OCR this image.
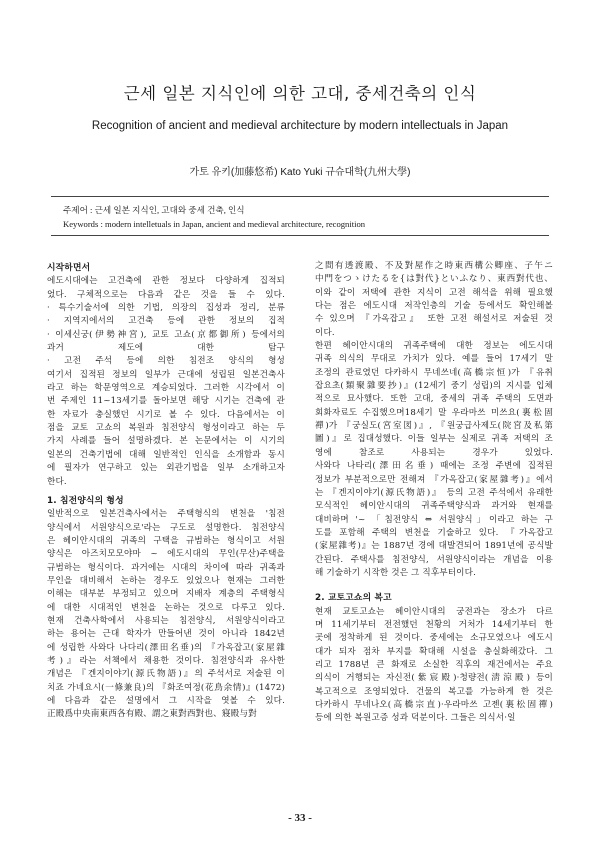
근세 일본 지식인에 의한 고대, 중세건축의 인식
Recognition of ancient and medieval architecture by modern intellectuals in Japan
가토 유키(加藤悠希) Kato Yuki 규슈대학(九州大學)
주제어 : 근세 일본 지식인, 고대와 중세 건축, 인식
Keywords : modern intelletuals in Japan, ancient and medieval architecture, recognition
시작하면서
에도시대에는 고건축에 관한 정보다 다양하게 집적되
었다. 구체적으로는 다음과 같은 것을 들 수 있다.
· 특수기술서에 의한 기법, 의장의 집성과 정리, 분류
· 지역지에서의 고건축 등에 관한 정보의 집적
· 이세신궁(伊勢神宮), 교토 고쇼(京都御所) 등에서의
과거 제도에 대한 탐구
· 고전 주석 등에 의한 침전조 양식의 형성
여기서 집적된 정보의 일부가 근대에 성립된 일본건축사
라고 하는 학문영역으로 계승되었다. 그러한 시각에서 이
번 주제인 11~13세기를 돌아보면 해당 시기는 건축에 관
한 자료가 충실했던 시기로 볼 수 있다. 다음에서는 이
점을 교토 고쇼의 복원과 침전양식 형성이라고 하는 두
가지 사례를 들어 설명하겠다. 본 논문에서는 이 시기의
일본의 건축기법에 대해 일반적인 인식을 소개함과 동시
에 필자가 연구하고 있는 외관기법을 일부 소개하고자
한다.
1. 침전양식의 형성
일반적으로 일본건축사에서는 주택형식의 변천을 '침전
양식에서 서원양식으로'라는 구도로 설명한다. 침전양식
은 헤이안시대의 귀족의 구택을 규범하는 형식이고 서원
양식은 아즈치모모야마 ~ 에도시대의 무인(무산)주택을
규범하는 형식이다. 과거에는 시대의 차이에 따라 귀족과
무인을 대비해서 논하는 경우도 있었으나 현재는 그러한
이해는 대부분 부정되고 있으며 지배자 계층의 주택형식
에 대한 시대적인 변천을 논하는 것으로 다루고 있다.
현재 건축사학에서 사용되는 침전양식, 서원양식이라고
하는 용어는 근대 학자가 만들어낸 것이 아니라 1842년
에 성립한 사와다 나다리(澤田名垂)의 『가옥잡고(家屋雜
考)』라는 서책에서 채용한 것이다. 침전양식과 유사한
개념은 『겐지이야기(源氏物語)』의 주석서로 저술된 이
치죠 가네요시(一條兼良)의 『화조여정(花鳥余情)』(1472)
에 다음과 같은 설명에서 그 시작을 엿볼 수 있다.
正殿爲中央南東西各有殿、謂之東對西對也、寢殿与對
之間有透渡殿、不及對屋作之時東西構公卿座、子午ニ
中門をつゝけたるを{は對代}といふなり、東西對代也、
이와 같이 저택에 관한 지식이 고전 해석을 위해 필요했
다는 점은 에도시대 저작인층의 기술 등에서도 확인해볼
수 있으며 『가옥잡고』 또한 고전 해설서로 저술된 것
이다.
한편 헤이안시대의 귀족주택에 대한 정보는 에도시대
귀족 의식의 무대로 가치가 있다. 예를 들어 17세기 말
조정의 관료였던 다카하시 무네쓰네(高橋宗恒)가 『유취
잡요초(類聚雜要抄)』(12세기 중기 성립)의 지시를 입체
적으로 묘사했다. 또한 고대, 중세의 귀족 주택의 도면과
회화자료도 수집했으며18세기 말 우라마쓰 미쓰요(裏松固
禪)가 『궁실도(宮室図)』, 『원궁급사제도(院宮及私第
圖)』로 집대성했다. 이들 일부는 실제로 귀족 저택의 조
영에 참조로 사용되는 경우가 있었다.
사와다 나타리(澤田名垂) 때에는 조정 주변에 집적된
정보가 부분적으로만 전해져 『가옥잡고(家屋雜考)』에서
는 『겐지이야기(源氏物語)』 등의 고전 주석에서 유래한
모식적인 헤이안시대의 귀족주택양식과 과거와 현재를
대비하며 '~ 「침전양식 ⇔ 서원양식」이라고 하는 구
도를 포함해 주택의 변천을 기술하고 있다. 『가옥잡고
(家屋雜考)』는 1887년 경에 대발견되어 1891년에 공식발
간된다. 주택사를 침전양식, 서원양식이라는 개념을 이용
해 기술하기 시작한 것은 그 직후부터이다.
2. 교토고쇼의 복고
현재 교토고쇼는 헤이안시대의 궁전과는 장소가 다르
며 11세기부터 전전했던 천황의 거처가 14세기부터 한
곳에 정착하게 된 것이다. 중세에는 소규모였으나 에도시
대가 되자 점차 부지를 확대해 시설을 충실화해갔다. 그
리고 1788년 큰 화재로 소실한 직후의 재건에서는 주요
의식이 거행되는 자신전(紫宸殿)·청량전(淸涼殿) 등이
복고적으로 조영되었다. 건물의 복고를 가능하게 한 것은
다카하시 무네나오(高橋宗直)·우라마쓰 고젠(裏松固禪)
등에 의한 복원고증 성과 덕분이다. 그들은 의식서·일
- 33 -
